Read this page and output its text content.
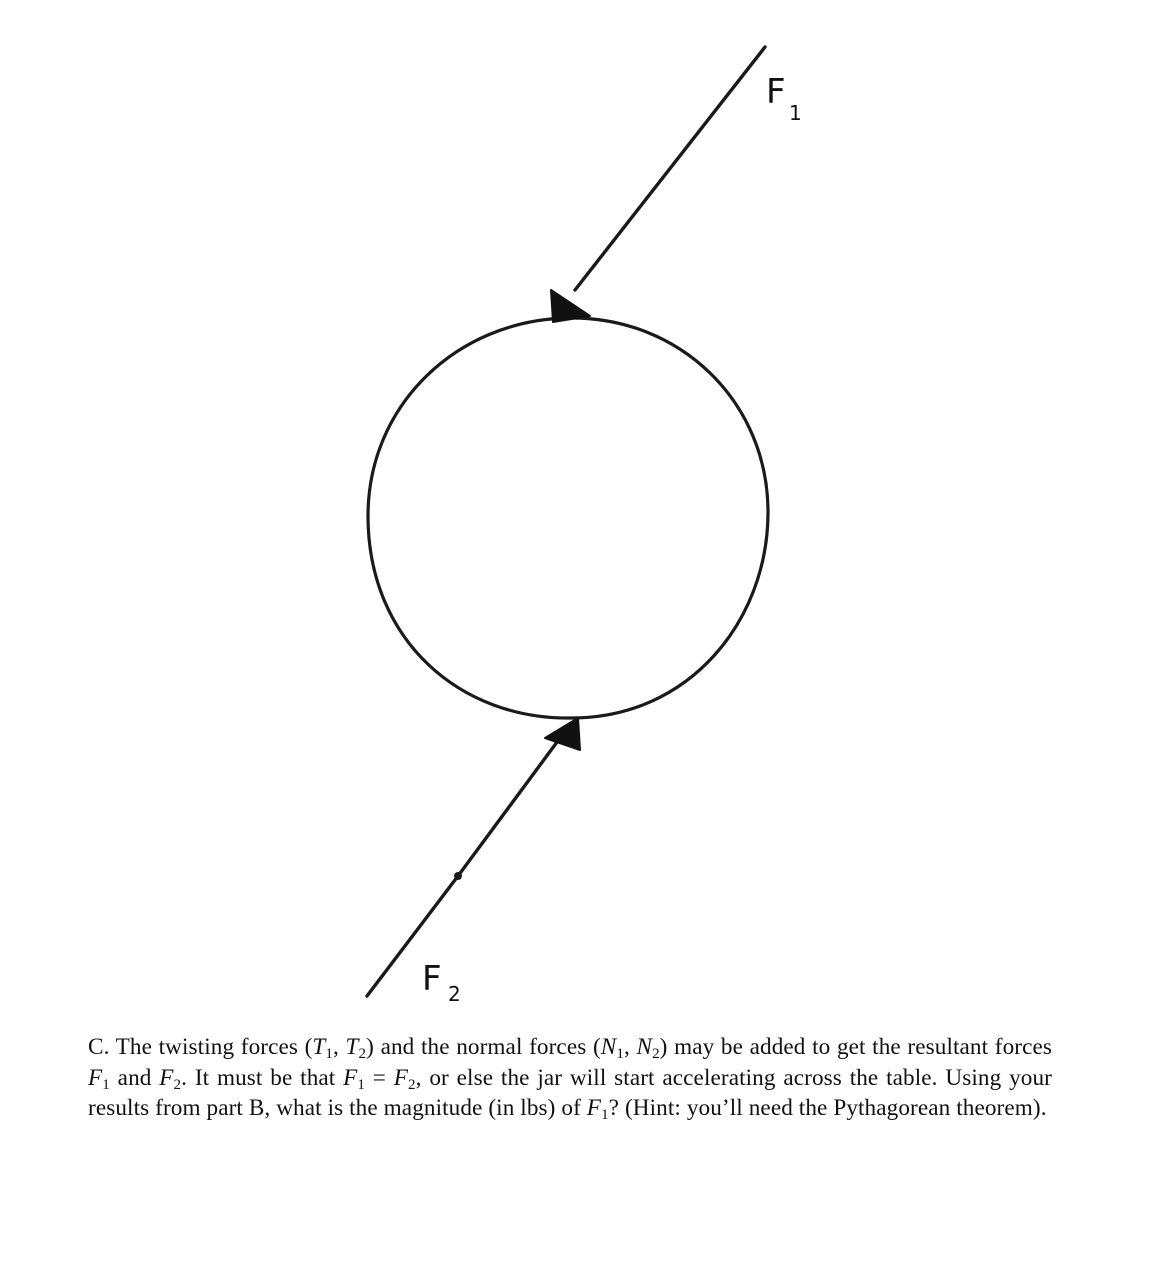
F
1
F 2

C. The twisting forces ($T_1$, $T_2$) and the normal forces ($N_1$, $N_2$) may be added to get the resultant forces $F_1$ and $F_2$. It must be that $F_1 = F_2$, or else the jar will start accelerating across the table. Using your results from part B, what is the magnitude (in lbs) of $F_1$? (Hint: you’ll need the Pythagorean theorem).
